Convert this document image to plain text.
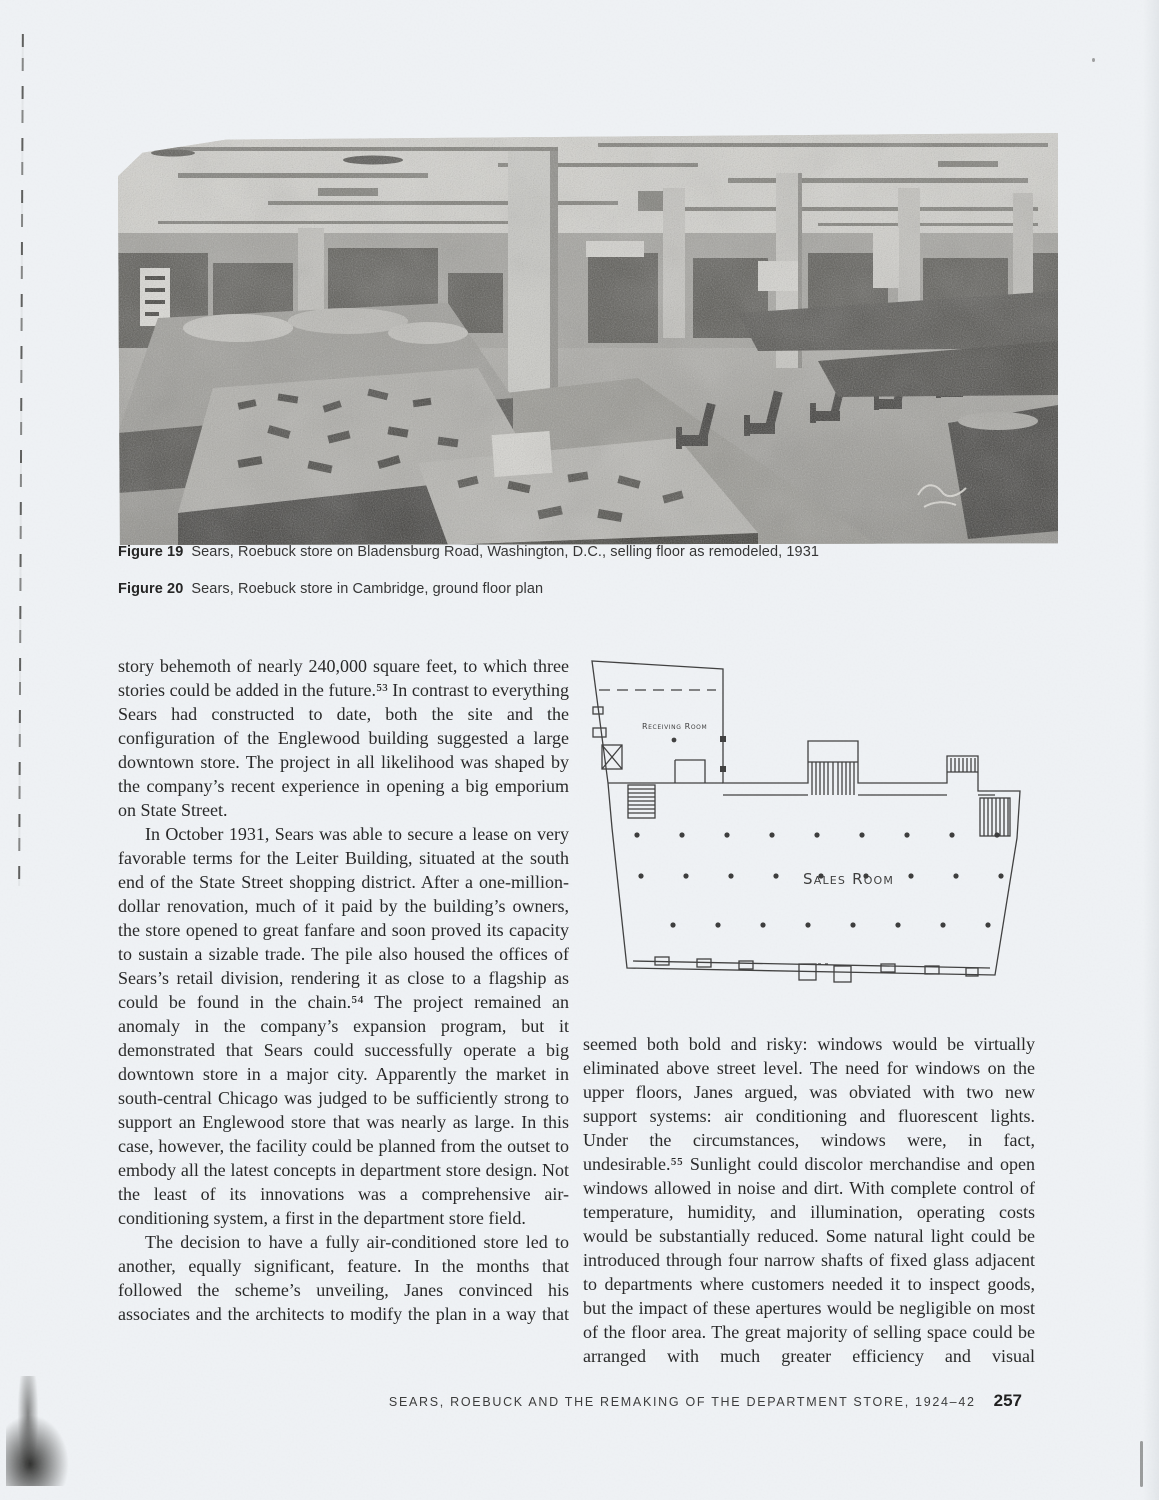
Figure 19 Sears, Roebuck store on Bladensburg Road, Washington, D.C., selling floor as remodeled, 1931
Figure 20 Sears, Roebuck store in Cambridge, ground floor plan

story behemoth of nearly 240,000 square feet, to which three stories could be added in the future.⁵³ In contrast to everything Sears had constructed to date, both the site and the configuration of the Englewood building suggested a large downtown store. The project in all likelihood was shaped by the company’s recent experience in opening a big emporium on State Street.

In October 1931, Sears was able to secure a lease on very favorable terms for the Leiter Building, situated at the south end of the State Street shopping district. After a one-million-dollar renovation, much of it paid by the building’s owners, the store opened to great fanfare and soon proved its capacity to sustain a sizable trade. The pile also housed the offices of Sears’s retail division, rendering it as close to a flagship as could be found in the chain.⁵⁴ The project remained an anomaly in the company’s expansion program, but it demonstrated that Sears could successfully operate a big downtown store in a major city. Apparently the market in south-central Chicago was judged to be sufficiently strong to support an Englewood store that was nearly as large. In this case, however, the facility could be planned from the outset to embody all the latest concepts in department store design. Not the least of its innovations was a comprehensive air-conditioning system, a first in the department store field.

The decision to have a fully air-conditioned store led to another, equally significant, feature. In the months that followed the scheme’s unveiling, Janes convinced his associates and the architects to modify the plan in a way that

seemed both bold and risky: windows would be virtually eliminated above street level. The need for windows on the upper floors, Janes argued, was obviated with two new support systems: air conditioning and fluorescent lights. Under the circumstances, windows were, in fact, undesirable.⁵⁵ Sunlight could discolor merchandise and open windows allowed in noise and dirt. With complete control of temperature, humidity, and illumination, operating costs would be substantially reduced. Some natural light could be introduced through four narrow shafts of fixed glass adjacent to departments where customers needed it to inspect goods, but the impact of these apertures would be negligible on most of the floor area. The great majority of selling space could be arranged with much greater efficiency and visual

Receiving Room
Sales Room
SEARS, ROEBUCK AND THE REMAKING OF THE DEPARTMENT STORE, 1924–42 257
